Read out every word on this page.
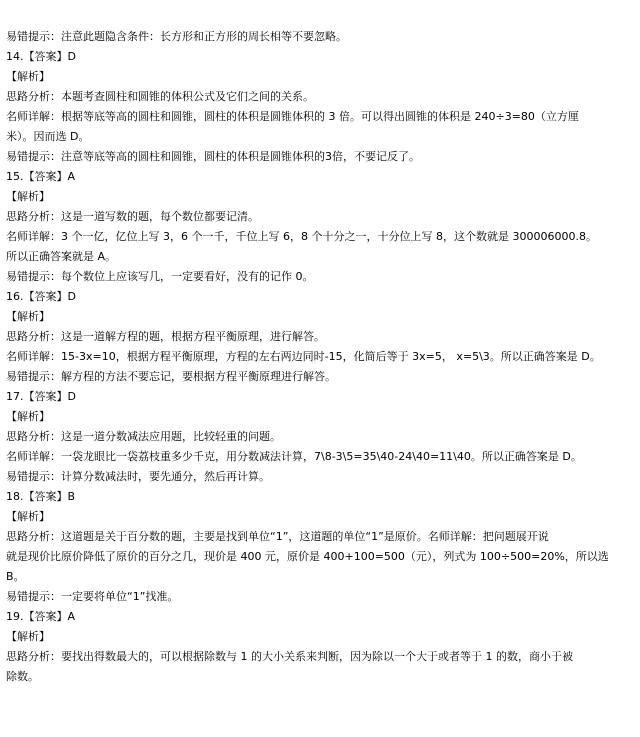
易错提示：注意此题隐含条件：长方形和正方形的周长相等不要忽略。
14.【答案】D
【解析】
思路分析：本题考查圆柱和圆锥的体积公式及它们之间的关系。
名师详解：根据等底等高的圆柱和圆锥，圆柱的体积是圆锥体积的 3 倍。可以得出圆锥的体积是 240÷3=80（立方厘
米）。因而选 D。
易错提示：注意等底等高的圆柱和圆锥，圆柱的体积是圆锥体积的3倍，不要记反了。
15.【答案】A
【解析】
思路分析：这是一道写数的题，每个数位都要记清。
名师详解：3 个一亿，亿位上写 3，6 个一千，千位上写 6，8 个十分之一，十分位上写 8，这个数就是 300006000.8。
所以正确答案就是 A。
易错提示：每个数位上应该写几，一定要看好，没有的记作 0。
16.【答案】D
【解析】
思路分析：这是一道解方程的题，根据方程平衡原理，进行解答。
名师详解：15-3x=10，根据方程平衡原理，方程的左右两边同时-15，化简后等于 3x=5， x=5\3。所以正确答案是 D。
易错提示：解方程的方法不要忘记，要根据方程平衡原理进行解答。
17.【答案】D
【解析】
思路分析：这是一道分数减法应用题，比较轻重的问题。
名师详解：一袋龙眼比一袋荔枝重多少千克，用分数减法计算，7\8-3\5=35\40-24\40=11\40。所以正确答案是 D。
易错提示：计算分数减法时，要先通分，然后再计算。
18.【答案】B
【解析】
思路分析：这道题是关于百分数的题，主要是找到单位“1”，这道题的单位“1”是原价。名师详解：把问题展开说
就是现价比原价降低了原价的百分之几，现价是 400 元，原价是 400+100=500（元），列式为 100÷500=20%，所以选
B。
易错提示：一定要将单位“1”找准。
19.【答案】A
【解析】
思路分析：要找出得数最大的，可以根据除数与 1 的大小关系来判断，因为除以一个大于或者等于 1 的数，商小于被
除数。
